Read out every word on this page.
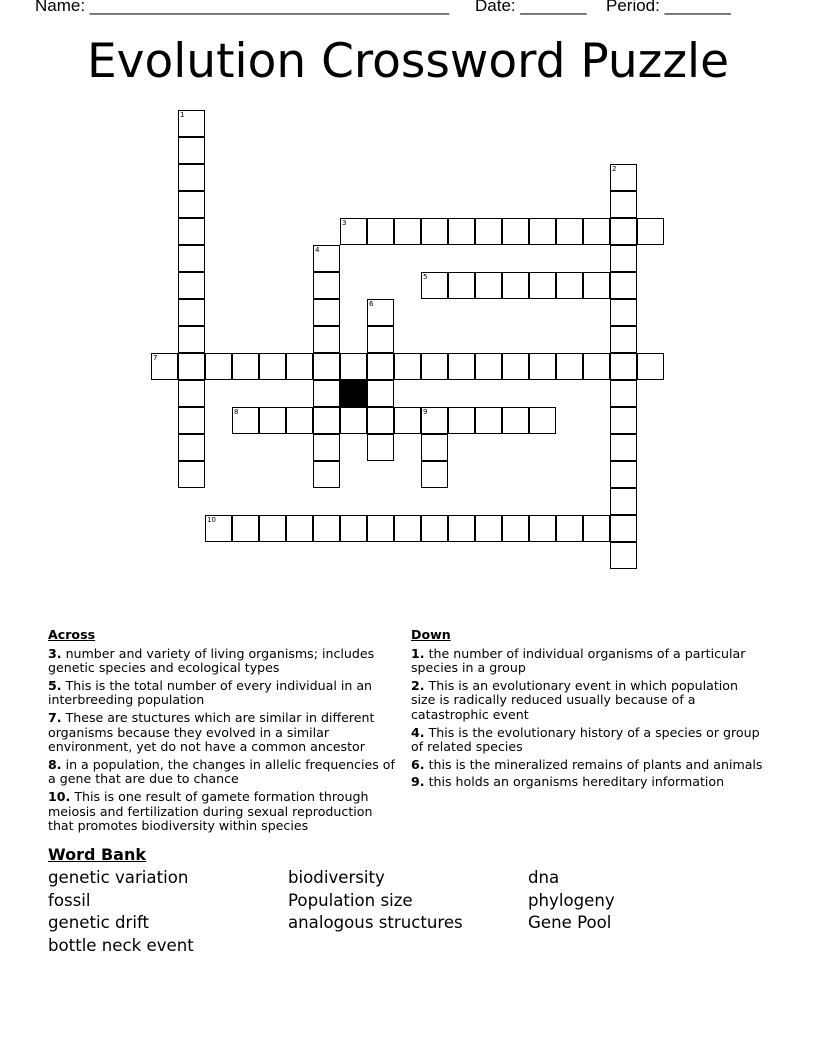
Name: ______________________________________ Date: _______ Period: _______
Evolution Crossword Puzzle
1
2
3
4
5
6
7
8	9
10
Across
3. number and variety of living organisms; includes genetic species and ecological types
5. This is the total number of every individual in an interbreeding population
7. These are stuctures which are similar in different organisms because they evolved in a similar environment, yet do not have a common ancestor
8. in a population, the changes in allelic frequencies of a gene that are due to chance
10. This is one result of gamete formation through meiosis and fertilization during sexual reproduction that promotes biodiversity within species
Down
1. the number of individual organisms of a particular species in a group
2. This is an evolutionary event in which population size is radically reduced usually because of a catastrophic event
4. This is the evolutionary history of a species or group of related species
6. this is the mineralized remains of plants and animals
9. this holds an organisms hereditary information
Word Bank
genetic variation
fossil
genetic drift
bottle neck event
biodiversity
Population size
analogous structures
dna
phylogeny
Gene Pool
